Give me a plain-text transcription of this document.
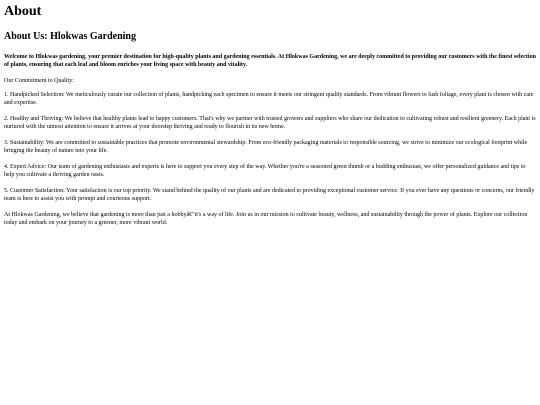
About
About Us: Hlokwas Gardening

Welcome to Hlokwas gardening, your premier destination for high-quality plants and gardening essentials. At Hlokwas Gardening, we are deeply committed to providing our customers with the finest selection of plants, ensuring that each leaf and bloom enriches your living space with beauty and vitality.

Our Commitment to Quality:

1. Handpicked Selection: We meticulously curate our collection of plants, handpicking each specimen to ensure it meets our stringent quality standards. From vibrant flowers to lush foliage, every plant is chosen with care and expertise.

2. Healthy and Thriving: We believe that healthy plants lead to happy customers. That's why we partner with trusted growers and suppliers who share our dedication to cultivating robust and resilient greenery. Each plant is nurtured with the utmost attention to ensure it arrives at your doorstep thriving and ready to flourish in its new home.

3. Sustainability: We are committed to sustainable practices that promote environmental stewardship. From eco-friendly packaging materials to responsible sourcing, we strive to minimize our ecological footprint while bringing the beauty of nature into your life.

4. Expert Advice: Our team of gardening enthusiasts and experts is here to support you every step of the way. Whether you're a seasoned green thumb or a budding enthusiast, we offer personalized guidance and tips to help you cultivate a thriving garden oasis.

5. Customer Satisfaction: Your satisfaction is our top priority. We stand behind the quality of our plants and are dedicated to providing exceptional customer service. If you ever have any questions or concerns, our friendly team is here to assist you with prompt and courteous support.

At Hlokwas Gardening, we believe that gardening is more than just a hobbyâ€"it's a way of life. Join us in our mission to cultivate beauty, wellness, and sustainability through the power of plants. Explore our collection today and embark on your journey to a greener, more vibrant world.
